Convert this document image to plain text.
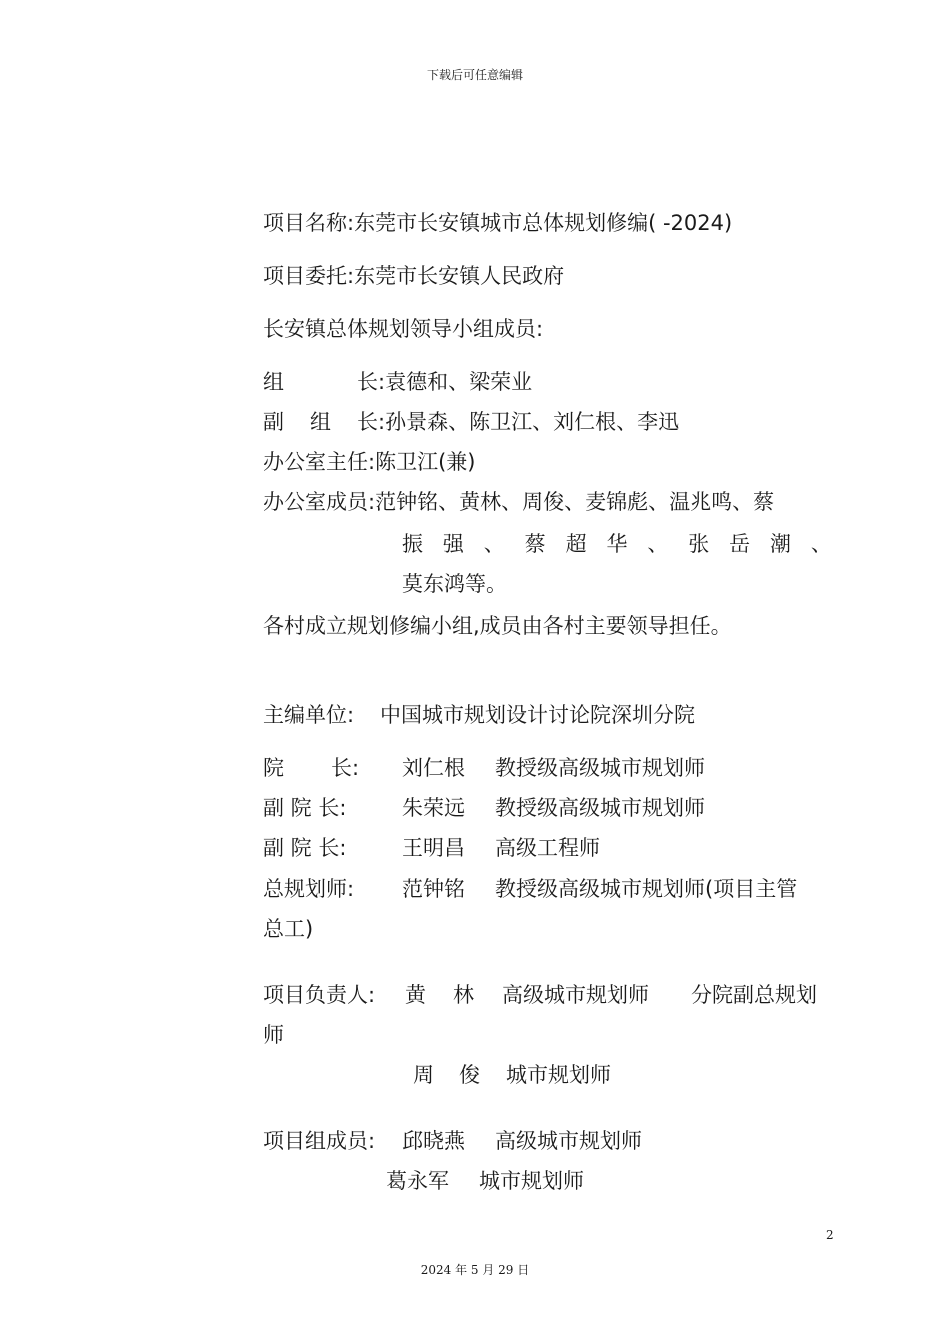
下载后可任意编辑
项目名称:东莞市长安镇城市总体规划修编( -2024)
项目委托:东莞市长安镇人民政府
长安镇总体规划领导小组成员:
组	长:袁德和、梁荣业
副 组 长:孙景森、陈卫江、刘仁根、李迅
办公室主任:陈卫江(兼)
办公室成员:范钟铭、黄林、周俊、麦锦彪、温兆鸣、蔡
振 强 、 蔡 超 华 、 张 岳 潮 、
莫东鸿等。
各村成立规划修编小组,成员由各村主要领导担任。
主编单位: 中国城市规划设计讨论院深圳分院
院 长: 刘仁根 教授级高级城市规划师
副 院 长:	朱荣远 教授级高级城市规划师
副 院 长:	王明昌 高级工程师
总规划师: 范钟铭 教授级高级城市规划师(项目主管
总工)
项目负责人: 黄 林 高级城市规划师 分院副总规划
师
周 俊 城市规划师
项目组成员: 邱晓燕 高级城市规划师
葛永军 城市规划师
2
2024 年 5 月 29 日
